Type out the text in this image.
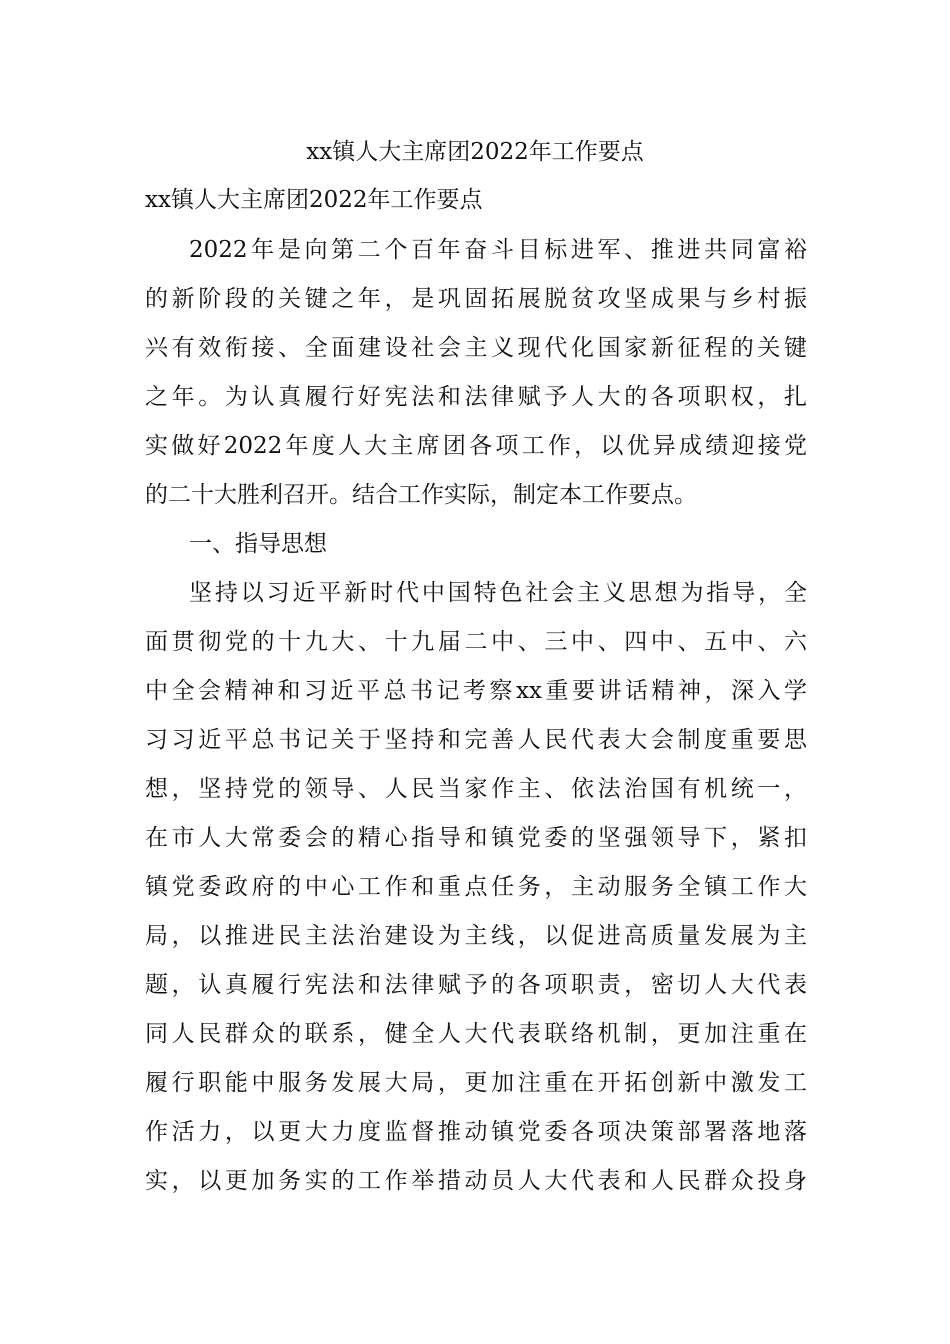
xx镇人大主席团2022年工作要点
xx镇人大主席团2022年工作要点
2022年是向第二个百年奋斗目标进军、推进共同富裕
的新阶段的关键之年，是巩固拓展脱贫攻坚成果与乡村振
兴有效衔接、全面建设社会主义现代化国家新征程的关键
之年。为认真履行好宪法和法律赋予人大的各项职权，扎
实做好2022年度人大主席团各项工作，以优异成绩迎接党
的二十大胜利召开。结合工作实际，制定本工作要点。
一、指导思想
坚持以习近平新时代中国特色社会主义思想为指导，全
面贯彻党的十九大、十九届二中、三中、四中、五中、六
中全会精神和习近平总书记考察xx重要讲话精神，深入学
习习近平总书记关于坚持和完善人民代表大会制度重要思
想，坚持党的领导、人民当家作主、依法治国有机统一，
在市人大常委会的精心指导和镇党委的坚强领导下，紧扣
镇党委政府的中心工作和重点任务，主动服务全镇工作大
局，以推进民主法治建设为主线，以促进高质量发展为主
题，认真履行宪法和法律赋予的各项职责，密切人大代表
同人民群众的联系，健全人大代表联络机制，更加注重在
履行职能中服务发展大局，更加注重在开拓创新中激发工
作活力，以更大力度监督推动镇党委各项决策部署落地落
实，以更加务实的工作举措动员人大代表和人民群众投身
